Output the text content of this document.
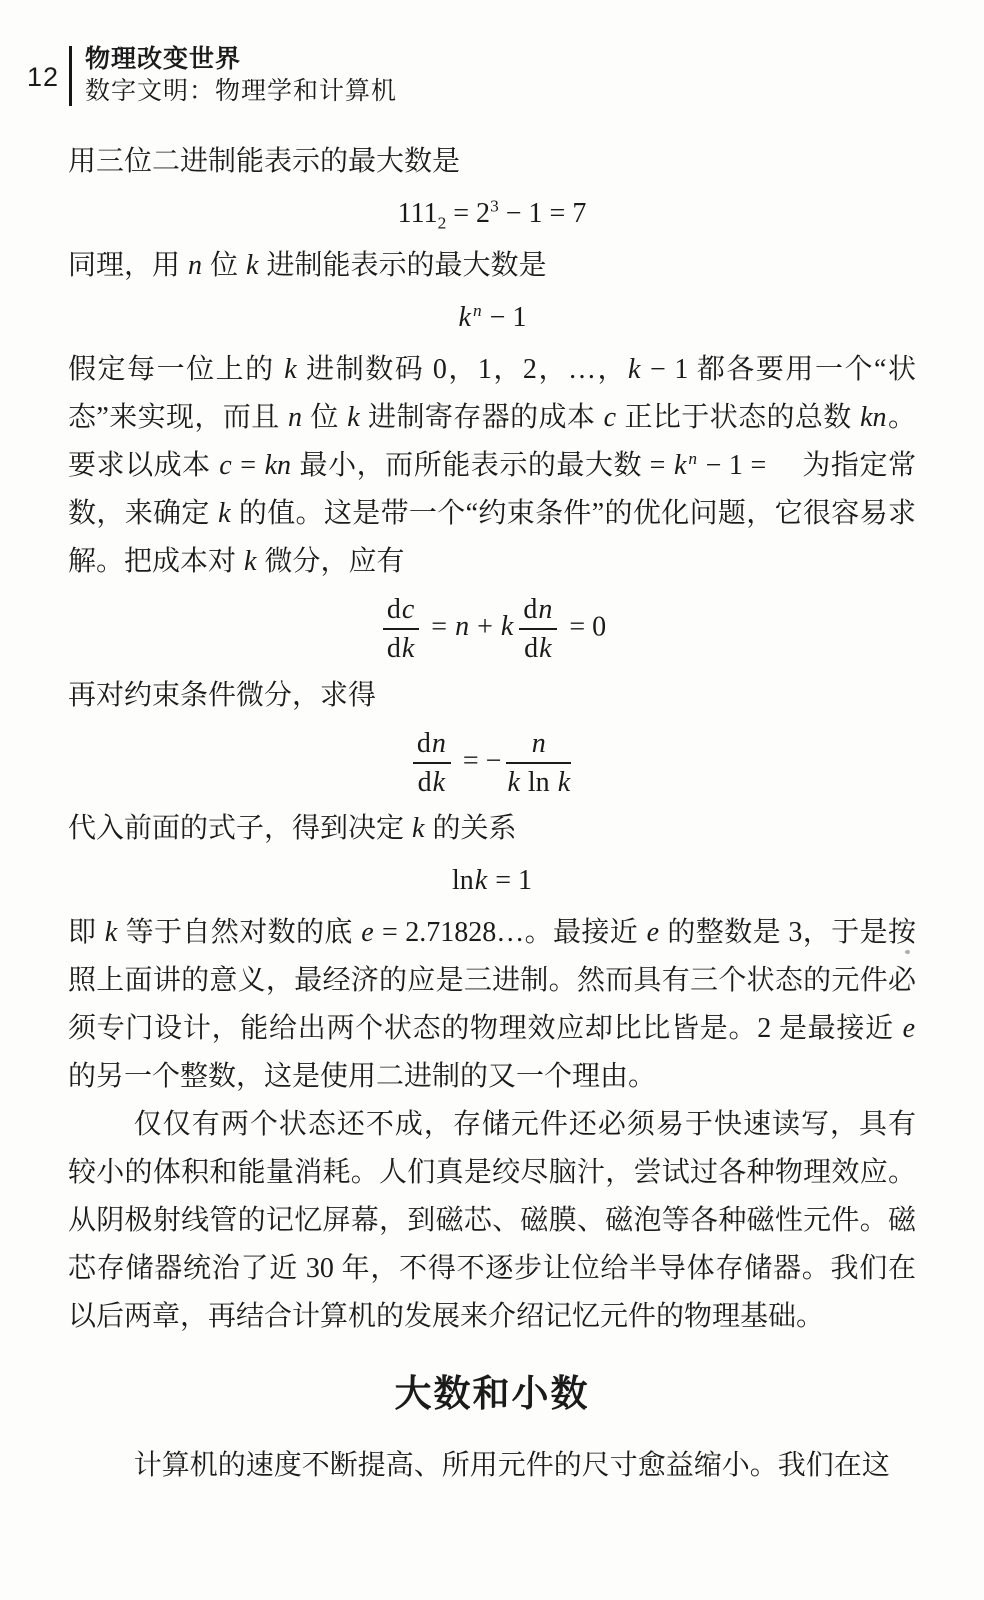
12
物理改变世界
数字文明：物理学和计算机

用三位二进制能表示的最大数是

$111_2 = 2^3 - 1 = 7$

同理，用 n 位 k 进制能表示的最大数是

k $^n$ − 1

假定每一位上的 k 进制数码 0，1，2，…，k − 1 都各要用一个“状态”来实现，而且 n 位 k 进制寄存器的成本 c 正比于状态的总数 kn。要求以成本 c = kn 最小，而所能表示的最大数 = k $^n$ − 1 = 　为指定常数，来确定 k 的值。这是带一个“约束条件”的优化问题，它很容易求解。把成本对 k 微分，应有

$\frac{dc}{dk} = n + k \frac{dn}{dk} = 0$

再对约束条件微分，求得

$\frac{dn}{dk}$ = − $\frac{n}{\text{k ln k}}$

代入前面的式子，得到决定 k 的关系

lnk = 1

即 k 等于自然对数的底 e = 2.71828…。最接近 e 的整数是 3，于是按照上面讲的意义，最经济的应是三进制。然而具有三个状态的元件必须专门设计，能给出两个状态的物理效应却比比皆是。2 是最接近 e 的另一个整数，这是使用二进制的又一个理由。

仅仅有两个状态还不成，存储元件还必须易于快速读写，具有较小的体积和能量消耗。人们真是绞尽脑汁，尝试过各种物理效应。从阴极射线管的记忆屏幕，到磁芯、磁膜、磁泡等各种磁性元件。磁芯存储器统治了近 30 年，不得不逐步让位给半导体存储器。我们在以后两章，再结合计算机的发展来介绍记忆元件的物理基础。

大数和小数

计算机的速度不断提高、所用元件的尺寸愈益缩小。我们在这
